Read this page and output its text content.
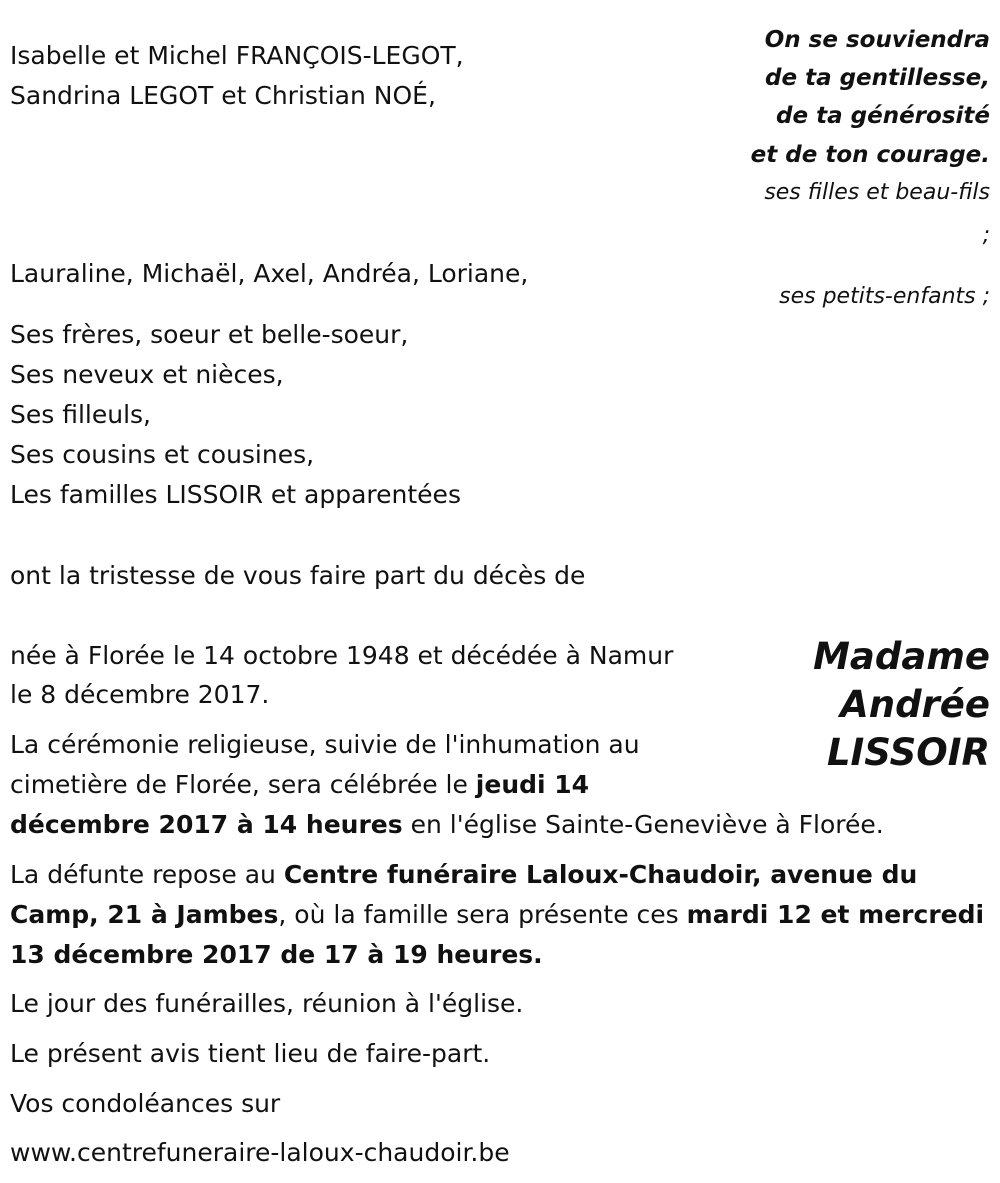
Isabelle et Michel FRANÇOIS-LEGOT,
Sandrina LEGOT et Christian NOÉ,
Lauraline, Michaël, Axel, Andréa, Loriane,
Ses frères, soeur et belle-soeur,
Ses neveux et nièces,
Ses filleuls,
Ses cousins et cousines,
Les familles LISSOIR et apparentées
On se souviendra
de ta gentillesse,
de ta générosité
et de ton courage.
ses filles et beau-fils
;
ses petits-enfants ;
ont la tristesse de vous faire part du décès de
Madame
Andrée
LISSOIR
née à Florée le 14 octobre 1948 et décédée à Namur
le 8 décembre 2017.
La cérémonie religieuse, suivie de l'inhumation au
cimetière de Florée, sera célébrée le jeudi 14
décembre 2017 à 14 heures en l'église Sainte-Geneviève à Florée.
La défunte repose au Centre funéraire Laloux-Chaudoir, avenue du
Camp, 21 à Jambes, où la famille sera présente ces mardi 12 et mercredi
13 décembre 2017 de 17 à 19 heures.
Le jour des funérailles, réunion à l'église.
Le présent avis tient lieu de faire-part.
Vos condoléances sur
www.centrefuneraire-laloux-chaudoir.be
